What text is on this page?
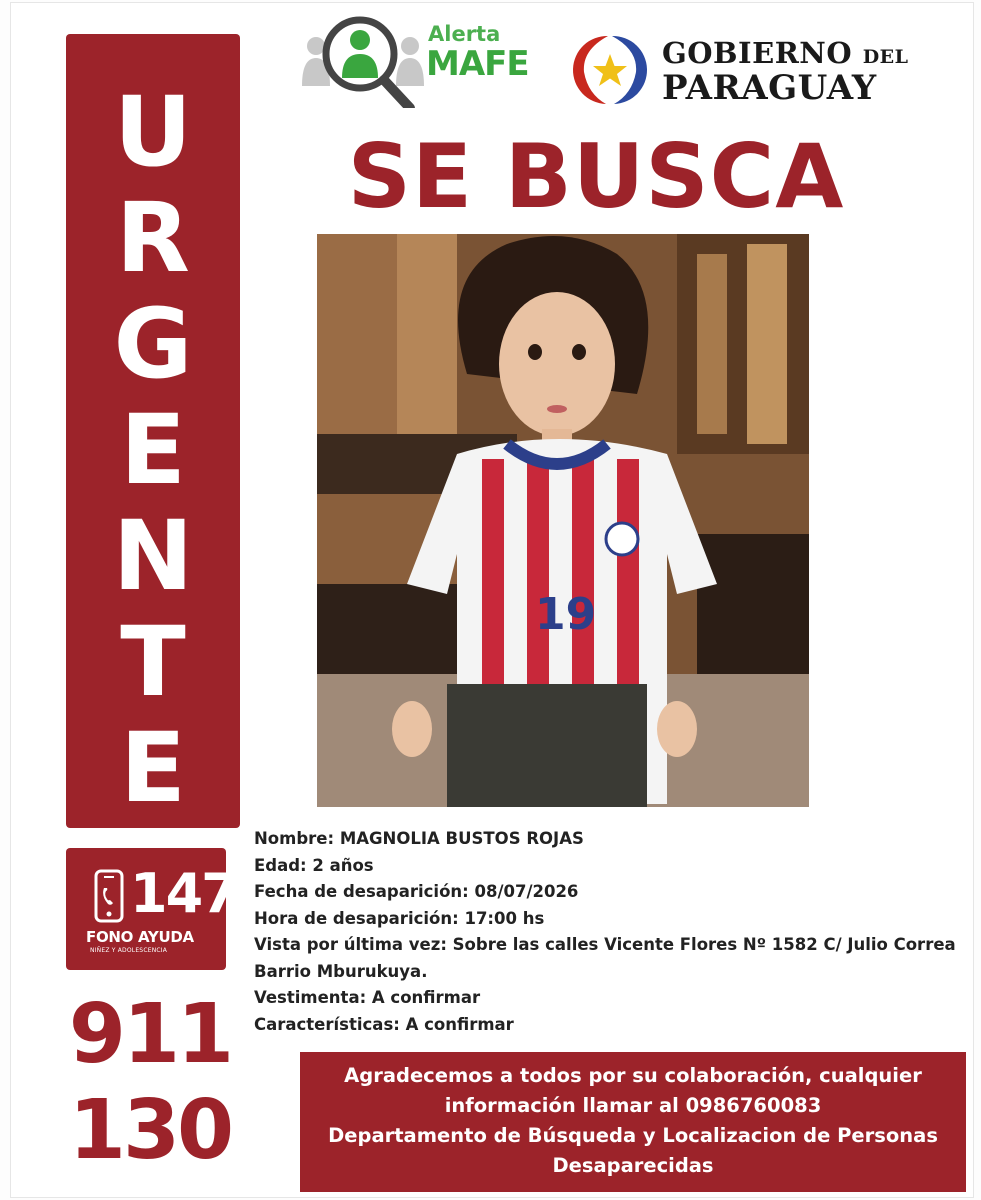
U
R
G
E
N
T
E
147
FONO AYUDA
NIÑEZ Y ADOLESCENCIA
911
130
Alerta
MAFE	GOBIERNO DEL
PARAGUAY
SE BUSCA
19
Nombre: MAGNOLIA BUSTOS ROJAS
Edad: 2 años
Fecha de desaparición: 08/07/2026
Hora de desaparición: 17:00 hs
Vista por última vez: Sobre las calles Vicente Flores Nº 1582 C/ Julio Correa
Barrio Mburukuya.
Vestimenta: A confirmar
Características: A confirmar
Agradecemos a todos por su colaboración, cualquier
información llamar al 0986760083
Departamento de Búsqueda y Localizacion de Personas
Desaparecidas
